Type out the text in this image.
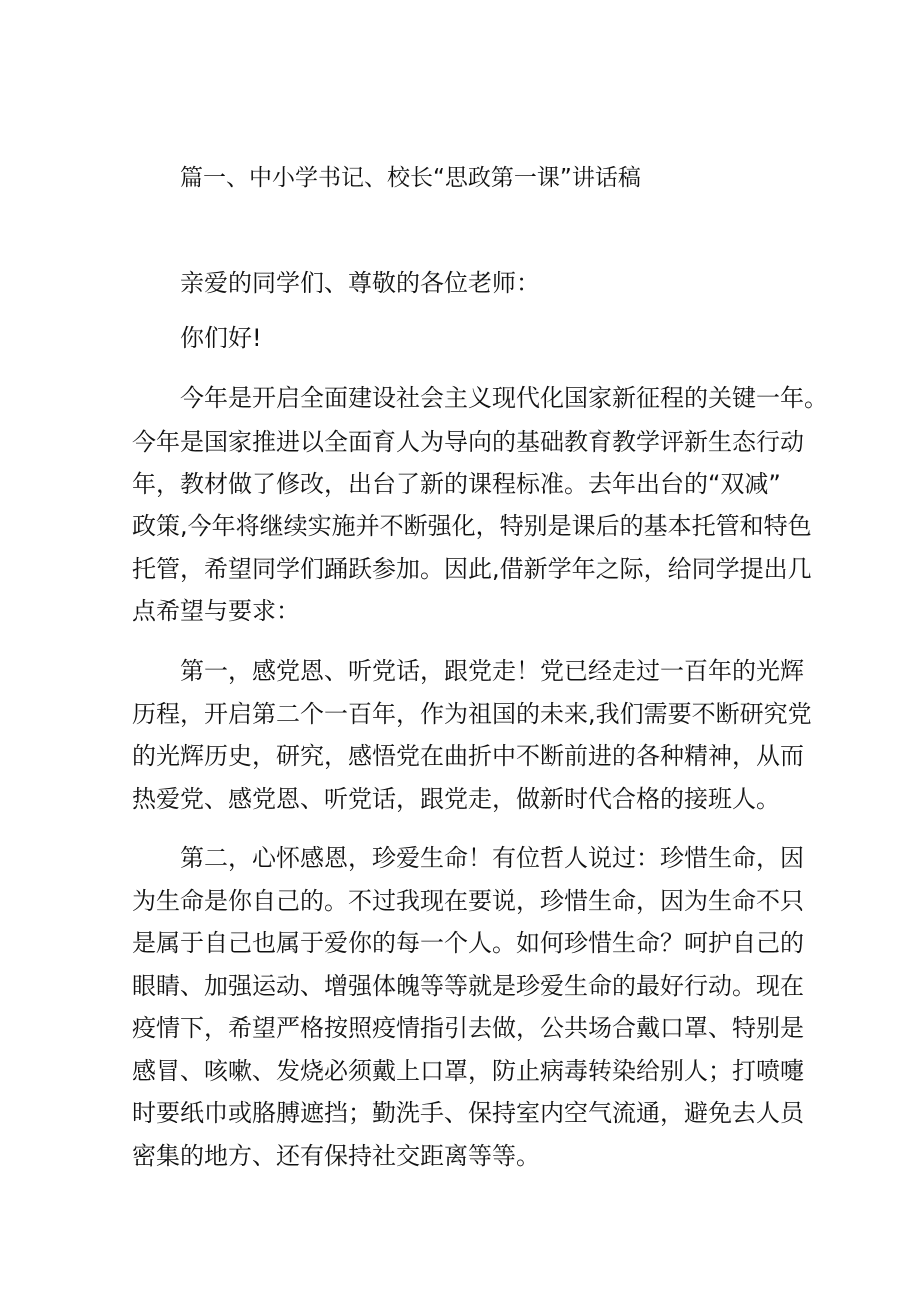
篇一、中小学书记、校长“思政第一课”讲话稿

亲爱的同学们、尊敬的各位老师：

你们好!

今年是开启全面建设社会主义现代化国家新征程的关键一年。

今年是国家推进以全面育人为导向的基础教育教学评新生态行动

年，教材做了修改，出台了新的课程标准。去年出台的“双减”

政策,今年将继续实施并不断强化，特别是课后的基本托管和特色

托管，希望同学们踊跃参加。因此,借新学年之际，给同学提出几

点希望与要求：

第一，感党恩、听党话，跟党走！党已经走过一百年的光辉

历程，开启第二个一百年，作为祖国的未来,我们需要不断研究党

的光辉历史，研究，感悟党在曲折中不断前进的各种精神，从而

热爱党、感党恩、听党话，跟党走，做新时代合格的接班人。

第二，心怀感恩，珍爱生命！有位哲人说过：珍惜生命，因

为生命是你自己的。不过我现在要说，珍惜生命，因为生命不只

是属于自己也属于爱你的每一个人。如何珍惜生命？呵护自己的

眼睛、加强运动、增强体魄等等就是珍爱生命的最好行动。现在

疫情下，希望严格按照疫情指引去做，公共场合戴口罩、特别是

感冒、咳嗽、发烧必须戴上口罩，防止病毒转染给别人；打喷嚏

时要纸巾或胳膊遮挡；勤洗手、保持室内空气流通，避免去人员

密集的地方、还有保持社交距离等等。
